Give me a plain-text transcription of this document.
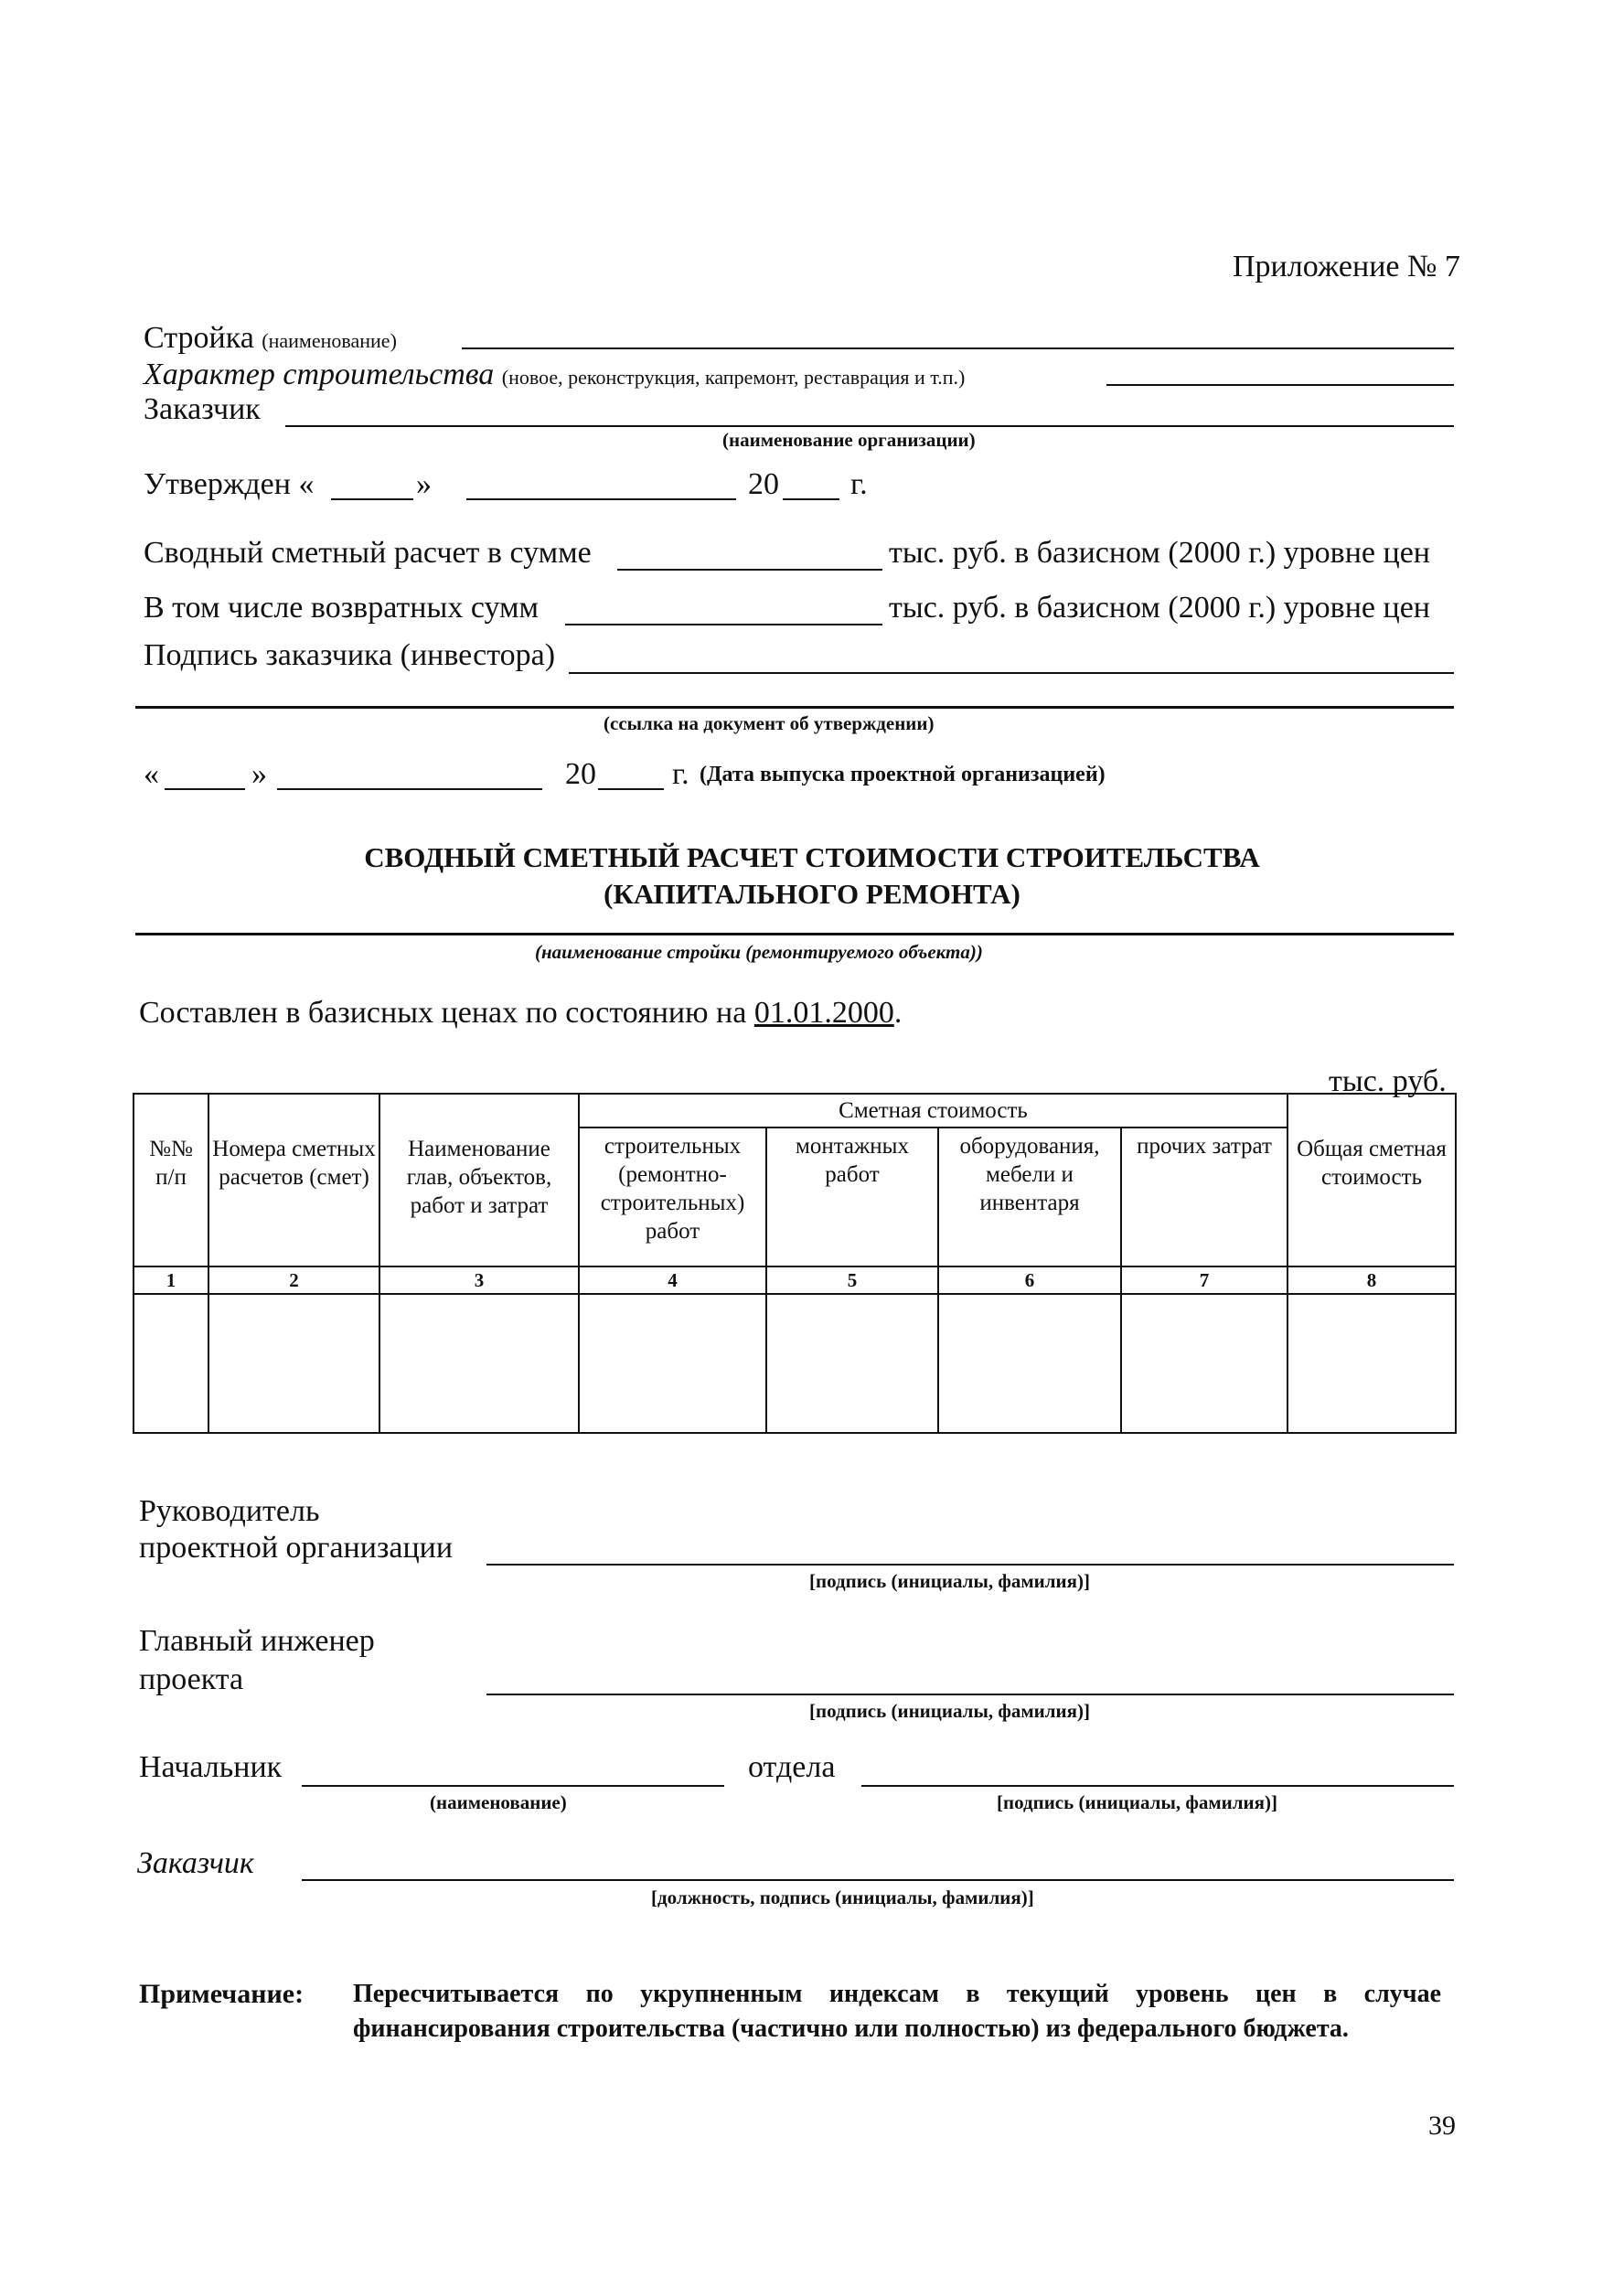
Приложение № 7
Стройка (наименование)
Характер строительства (новое, реконструкция, капремонт, реставрация и т.п.)
Заказчик
(наименование организации)
Утвержден «	»	20 г.
Сводный сметный расчет в сумме	тыс. руб. в базисном (2000 г.) уровне цен
В том числе возвратных сумм	тыс. руб. в базисном (2000 г.) уровне цен
Подпись заказчика (инвестора)
(ссылка на документ об утверждении)
«	»	20 г. (Дата выпуска проектной организацией)
СВОДНЫЙ СМЕТНЫЙ РАСЧЕТ СТОИМОСТИ СТРОИТЕЛЬСТВА
(КАПИТАЛЬНОГО РЕМОНТА)
(наименование стройки (ремонтируемого объекта))
Составлен в базисных ценах по состоянию на 01.01.2000.
тыс. руб.
№№ п/п	Номера сметных расчетов (смет)	Наименование глав, объектов, работ и затрат	Сметная стоимость				Общая сметная стоимость
			строительных (ремонтно-строительных) работ	монтажных работ	оборудования, мебели и инвентаря	прочих затрат	
1	2	3	4	5	6	7	8

Руководитель
проектной организации
[подпись (инициалы, фамилия)]
Главный инженер
проекта
[подпись (инициалы, фамилия)]
Начальник
(наименование)
отдела
[подпись (инициалы, фамилия)]
Заказчик
[должность, подпись (инициалы, фамилия)]
Примечание: Пересчитывается по укрупненным индексам в текущий уровень цен в случае финансирования строительства (частично или полностью) из федерального бюджета.
39
